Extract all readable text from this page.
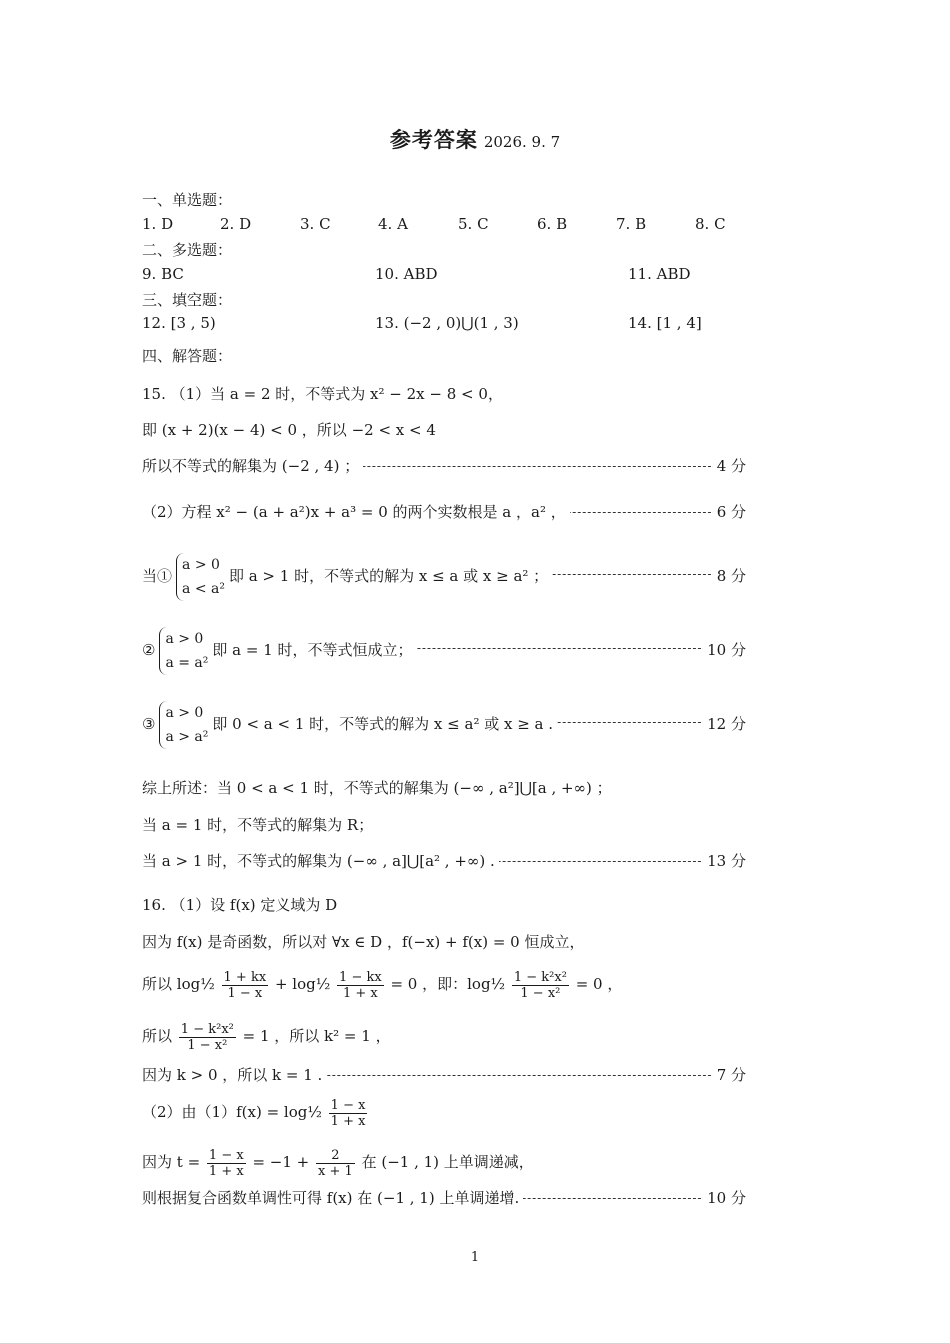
参考答案 2026. 9. 7
一、单选题：
1. D	2. D	3. C	4. A	5. C	6. B	7. B	8. C
二、多选题：
9. BC	10. ABD	11. ABD
三、填空题：
12. [3 , 5)	13. (−2 , 0)⋃(1 , 3)	14. [1 , 4]
四、解答题：
15. （1）当 a = 2 时，不等式为 x² − 2x − 8 < 0，
即 (x + 2)(x − 4) < 0 ，所以 −2 < x < 4
所以不等式的解集为 (−2 , 4) ；	4 分
（2）方程 x² − (a + a²)x + a³ = 0 的两个实数根是 a ，a² ，	6 分
当①
a > 0
a < a²
即 a > 1 时，不等式的解为 x ≤ a 或 x ≥ a² ；	8 分
②
a > 0
a = a²
即 a = 1 时，不等式恒成立；	10 分
③
a > 0
a > a²
即 0 < a < 1 时，不等式的解为 x ≤ a² 或 x ≥ a .	12 分
综上所述：当 0 < a < 1 时，不等式的解集为 (−∞ , a²]⋃[a , +∞) ；
当 a = 1 时，不等式的解集为 R；
当 a > 1 时，不等式的解集为 (−∞ , a]⋃[a² , +∞) .	13 分
16. （1）设 f(x) 定义域为 D
因为 f(x) 是奇函数，所以对 ∀x ∈ D ，f(−x) + f(x) = 0 恒成立，
所以 log½ $\frac{1 + kx}{1 - x}$ + log½ $\frac{1 - kx}{1 + x} = 0$ ，即：log½ $\frac{\text{1 − k²x²}}{\text{1 − x²}} = 0$ ，
所以 $\frac{\text{1 − k²x²}}{\text{1 − x²}} = 1$ ，所以 k² = 1 ，
因为 k > 0 ，所以 k = 1 .	7 分
（2）由（1）f(x) = log½ $\frac{1 - x}{1 + x}$
因为 $t = \frac{1 - x}{1 + x} = -1 + \frac{2}{x + 1}$ 在 (−1 , 1) 上单调递减，
则根据复合函数单调性可得 f(x) 在 (−1 , 1) 上单调递增.	10 分
1
